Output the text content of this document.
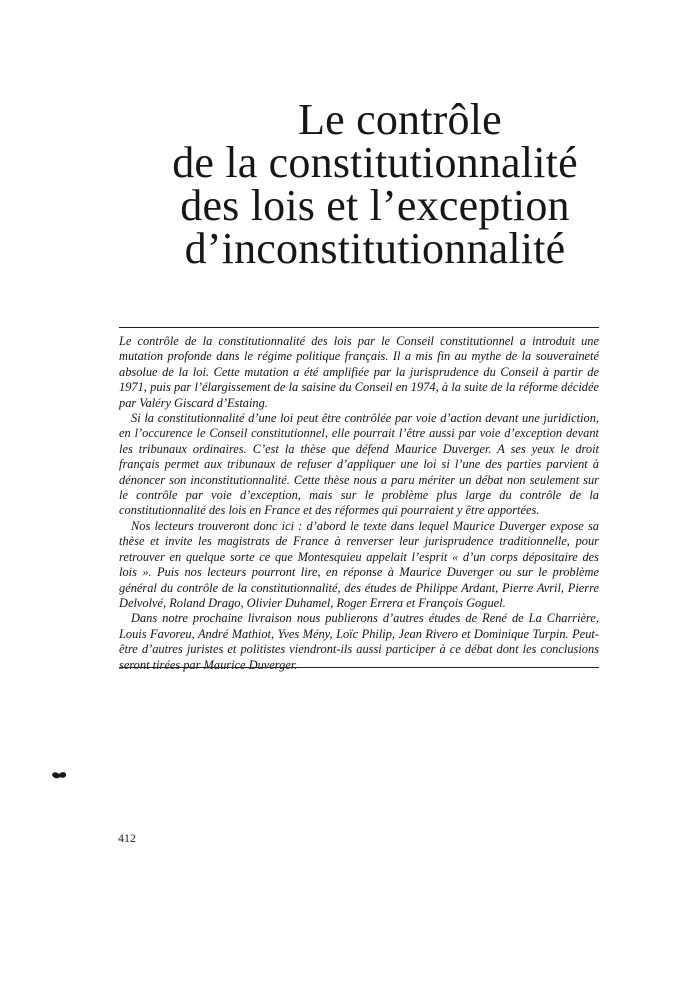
Le contrôle
de la constitutionnalité
des lois et l’exception
d’inconstitutionnalité

Le contrôle de la constitutionnalité des lois par le Conseil constitutionnel a introduit une mutation profonde dans le régime politique français. Il a mis fin au mythe de la souveraineté absolue de la loi. Cette mutation a été amplifiée par la jurisprudence du Conseil à partir de 1971, puis par l’élargissement de la saisine du Conseil en 1974, à la suite de la réforme décidée par Valéry Giscard d’Estaing.

Si la constitutionnalité d’une loi peut être contrôlée par voie d’action devant une juridiction, en l’occurence le Conseil constitutionnel, elle pourrait l’être aussi par voie d’exception devant les tribunaux ordinaires. C’est la thèse que défend Maurice Duverger. A ses yeux le droit français permet aux tribunaux de refuser d’appliquer une loi si l’une des parties parvient à dénoncer son inconstitutionnalité. Cette thèse nous a paru mériter un débat non seulement sur le contrôle par voie d’exception, mais sur le problème plus large du contrôle de la constitutionnalité des lois en France et des réformes qui pourraient y être apportées.

Nos lecteurs trouveront donc ici : d’abord le texte dans lequel Maurice Duverger expose sa thèse et invite les magistrats de France à renverser leur jurisprudence traditionnelle, pour retrouver en quelque sorte ce que Montesquieu appelait l’esprit « d’un corps dépositaire des lois ». Puis nos lecteurs pourront lire, en réponse à Maurice Duverger ou sur le problème général du contrôle de la constitutionnalité, des études de Philippe Ardant, Pierre Avril, Pierre Delvolvé, Roland Drago, Olivier Duhamel, Roger Errera et François Goguel.

Dans notre prochaine livraison nous publierons d’autres études de René de La Charrière, Louis Favoreu, André Mathiot, Yves Mény, Loïc Philip, Jean Rivero et Dominique Turpin. Peut-être d’autres juristes et politistes viendront-ils aussi participer à ce débat dont les conclusions seront tirées par Maurice Duverger.

412
